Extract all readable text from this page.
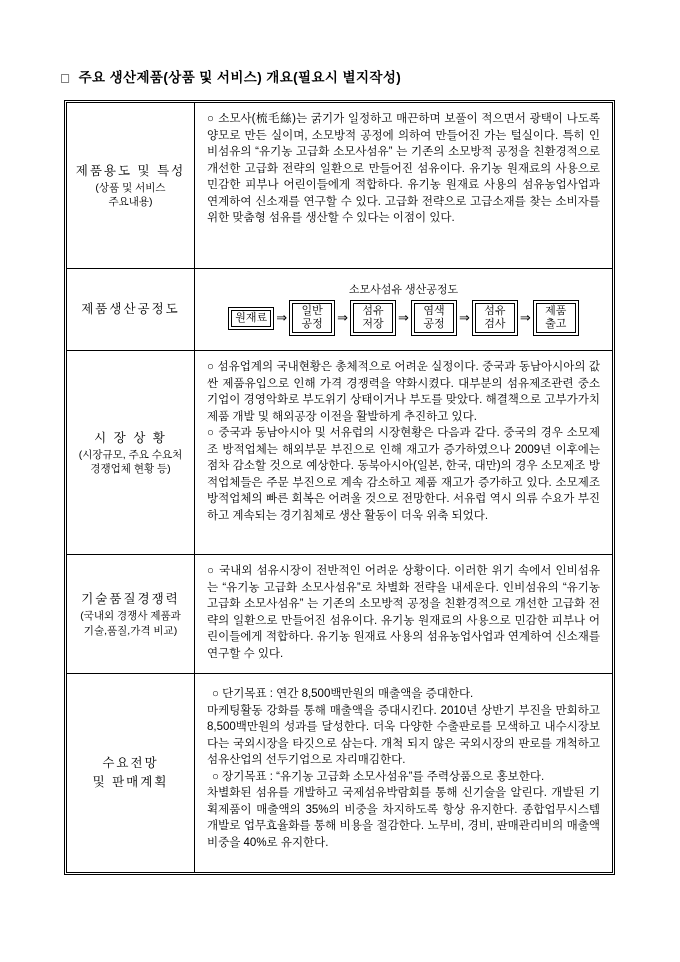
□ 주요 생산제품(상품 및 서비스) 개요(필요시 별지작성)
제품용도 및 특성
(상품 및 서비스
주요내용)

○ 소모사(梳毛絲)는 굵기가 일정하고 매끈하며 보풀이 적으면서 광택이 나도록 양모로 만든 실이며, 소모방적 공정에 의하여 만들어진 가는 털실이다. 특히 인비섬유의 “유기농 고급화 소모사섬유” 는 기존의 소모방적 공정을 친환경적으로 개선한 고급화 전략의 일환으로 만들어진 섬유이다. 유기농 원재료의 사용으로 민감한 피부나 어린이들에게 적합하다. 유기농 원재료 사용의 섬유농업사업과 연계하여 신소재를 연구할 수 있다. 고급화 전략으로 고급소재를 찾는 소비자를 위한 맞춤형 섬유를 생산할 수 있다는 이점이 있다.

제품생산공정도

소모사섬유 생산공정도
원재료 ⇒	일반
공정	⇒	섬유
저장	⇒	염색
공정	⇒	섬유
검사	⇒	제품
출고

시 장 상 황
(시장규모, 주요 수요처
경쟁업체 현황 등)

○ 섬유업계의 국내현황은 총체적으로 어려운 실정이다. 중국과 동남아시아의 값싼 제품유입으로 인해 가격 경쟁력을 약화시켰다. 대부분의 섬유제조관련 중소기업이 경영악화로 부도위기 상태이거나 부도를 맞았다. 해결책으로 고부가가치 제품 개발 및 해외공장 이전을 활발하게 추진하고 있다.

○ 중국과 동남아시아 및 서유럽의 시장현황은 다음과 같다. 중국의 경우 소모제조 방적업체는 해외부문 부진으로 인해 재고가 증가하였으나 2009년 이후에는 점차 감소할 것으로 예상한다. 동북아시아(일본, 한국, 대만)의 경우 소모제조 방적업체들은 주문 부진으로 계속 감소하고 제품 재고가 증가하고 있다. 소모제조 방적업체의 빠른 회복은 어려울 것으로 전망한다. 서유럽 역시 의류 수요가 부진하고 계속되는 경기침체로 생산 활동이 더욱 위축 되었다.

기술품질경쟁력
(국내외 경쟁사 제품과
기술,품질,가격 비교)

○ 국내외 섬유시장이 전반적인 어려운 상황이다. 이러한 위기 속에서 인비섬유는 “유기농 고급화 소모사섬유”로 차별화 전략을 내세운다. 인비섬유의 “유기농 고급화 소모사섬유” 는 기존의 소모방적 공정을 친환경적으로 개선한 고급화 전략의 일환으로 만들어진 섬유이다. 유기농 원재료의 사용으로 민감한 피부나 어린이들에게 적합하다. 유기농 원재료 사용의 섬유농업사업과 연계하여 신소재를 연구할 수 있다.

수요전망
및 판매계획

○ 단기목표 : 연간 8,500백만원의 매출액을 증대한다.

마케팅활동 강화를 통해 매출액을 증대시킨다. 2010년 상반기 부진을 만회하고 8,500백만원의 성과를 달성한다. 더욱 다양한 수출판로를 모색하고 내수시장보다는 국외시장을 타깃으로 삼는다. 개척 되지 않은 국외시장의 판로를 개척하고 섬유산업의 선두기업으로 자리매김한다.

○ 장기목표 : “유기농 고급화 소모사섬유”를 주력상품으로 홍보한다.

차별화된 섬유를 개발하고 국제섬유박람회를 통해 신기술을 알린다. 개발된 기획제품이 매출액의 35%의 비중을 차지하도록 항상 유지한다. 종합업무시스템 개발로 업무효율화를 통해 비용을 절감한다. 노무비, 경비, 판매관리비의 매출액 비중을 40%로 유지한다.
